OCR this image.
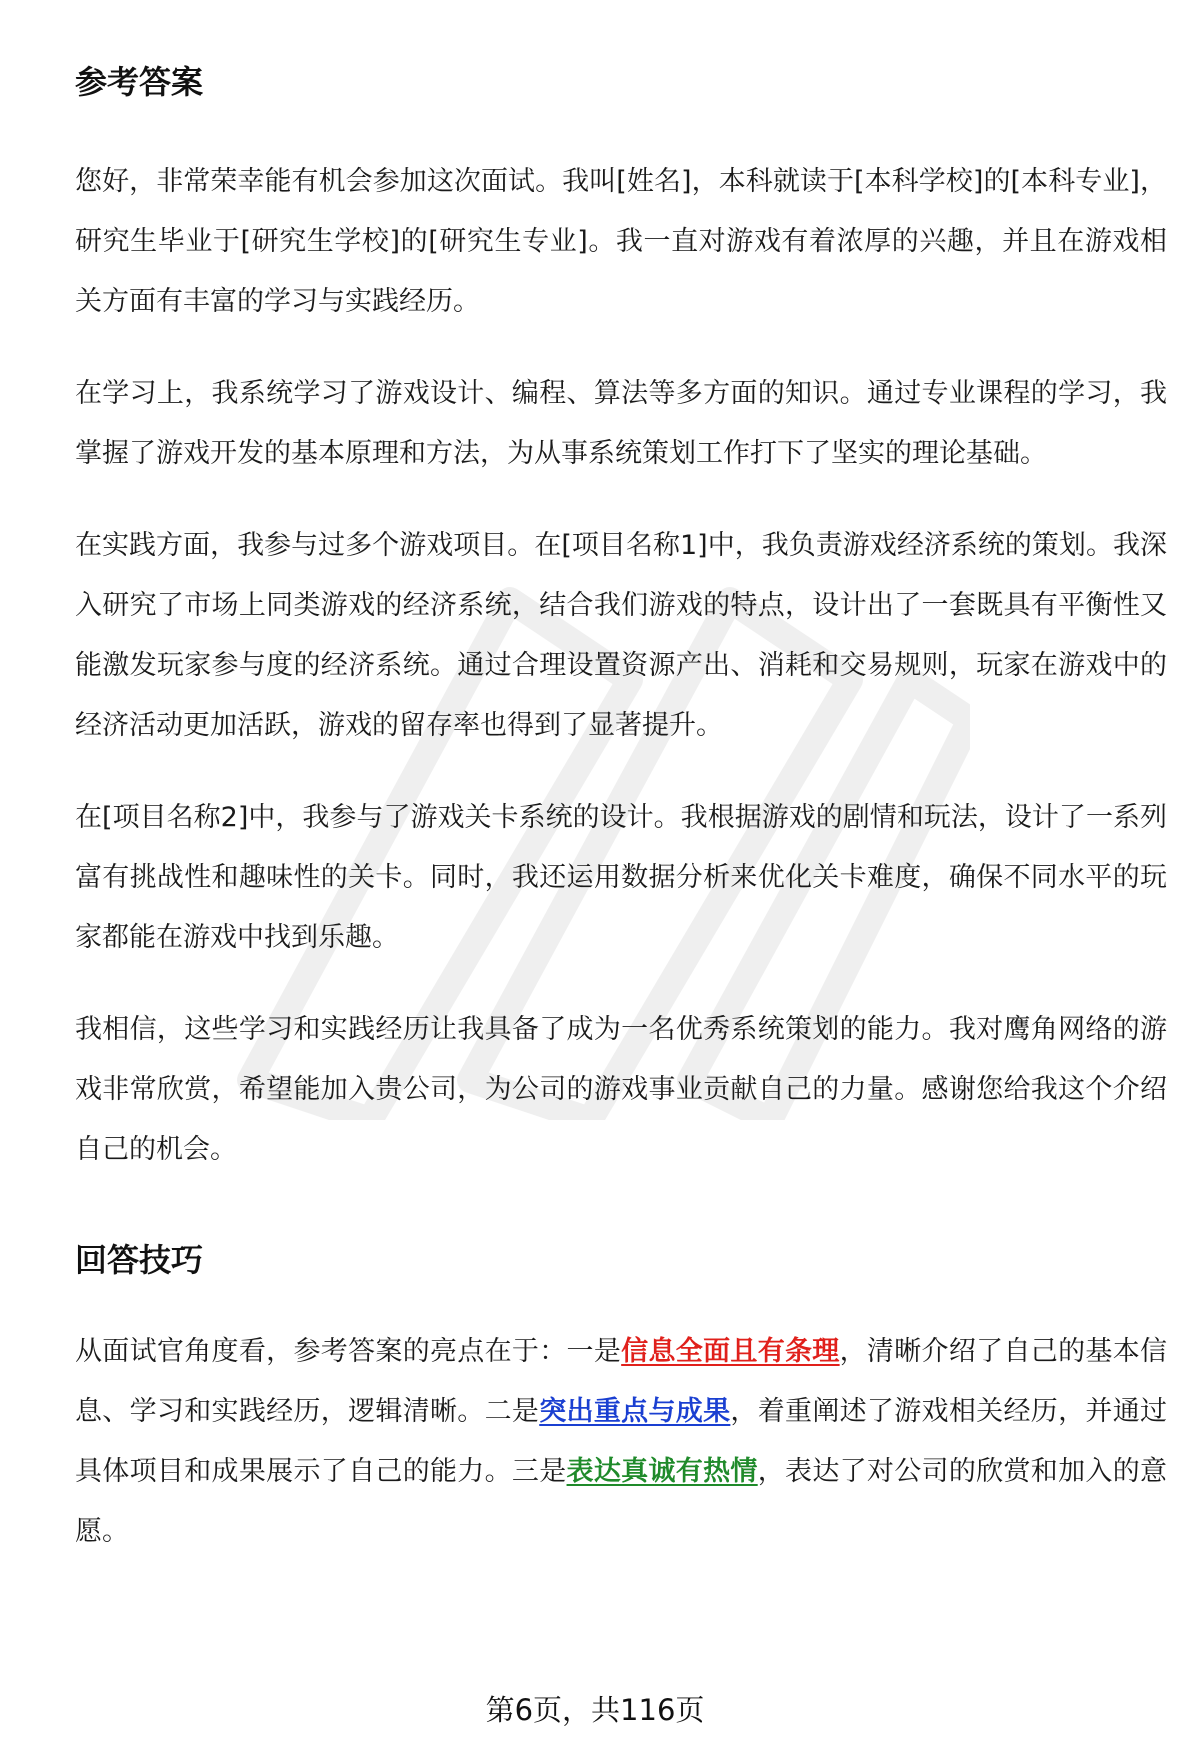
参考答案

您好，非常荣幸能有机会参加这次面试。我叫[姓名]，本科就读于[本科学校]的[本科专业]，研究生毕业于[研究生学校]的[研究生专业]。我一直对游戏有着浓厚的兴趣，并且在游戏相关方面有丰富的学习与实践经历。

在学习上，我系统学习了游戏设计、编程、算法等多方面的知识。通过专业课程的学习，我掌握了游戏开发的基本原理和方法，为从事系统策划工作打下了坚实的理论基础。

在实践方面，我参与过多个游戏项目。在[项目名称1]中，我负责游戏经济系统的策划。我深入研究了市场上同类游戏的经济系统，结合我们游戏的特点，设计出了一套既具有平衡性又能激发玩家参与度的经济系统。通过合理设置资源产出、消耗和交易规则，玩家在游戏中的经济活动更加活跃，游戏的留存率也得到了显著提升。

在[项目名称2]中，我参与了游戏关卡系统的设计。我根据游戏的剧情和玩法，设计了一系列富有挑战性和趣味性的关卡。同时，我还运用数据分析来优化关卡难度，确保不同水平的玩家都能在游戏中找到乐趣。

我相信，这些学习和实践经历让我具备了成为一名优秀系统策划的能力。我对鹰角网络的游戏非常欣赏，希望能加入贵公司，为公司的游戏事业贡献自己的力量。感谢您给我这个介绍自己的机会。

回答技巧

从面试官角度看，参考答案的亮点在于：一是信息全面且有条理，清晰介绍了自己的基本信息、学习和实践经历，逻辑清晰。二是突出重点与成果，着重阐述了游戏相关经历，并通过具体项目和成果展示了自己的能力。三是表达真诚有热情，表达了对公司的欣赏和加入的意愿。

第6页，共116页
